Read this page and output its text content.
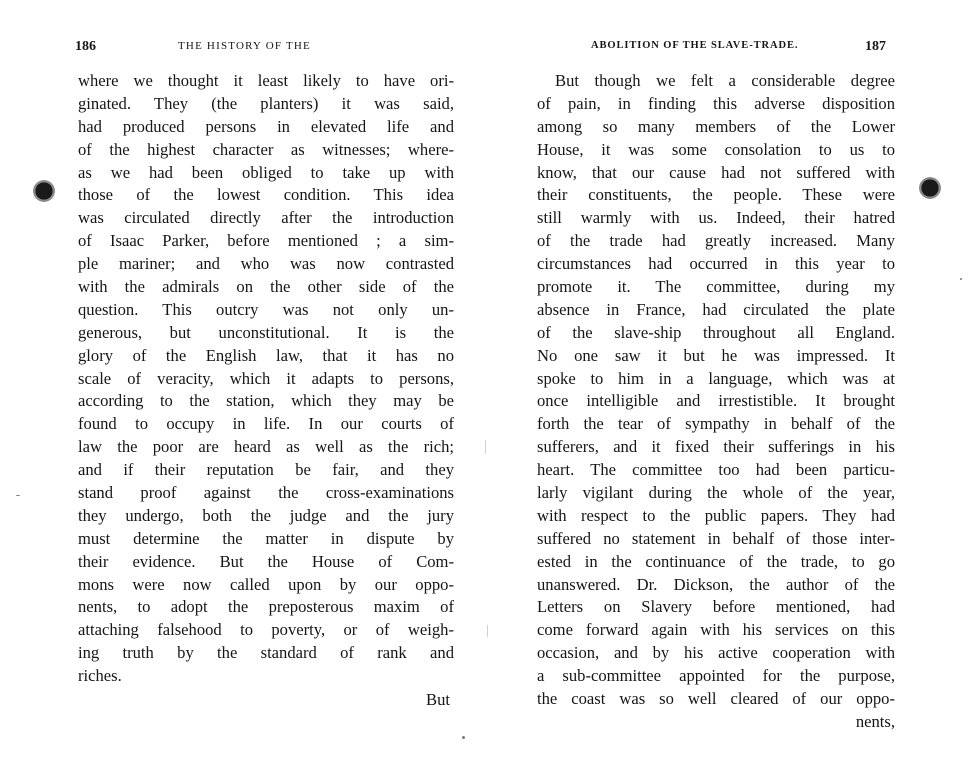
186	THE HISTORY OF THE
where we thought it least likely to have ori-
ginated. They (the planters) it was said,
had produced persons in elevated life and
of the highest character as witnesses; where-
as we had been obliged to take up with
those of the lowest condition. This idea
was circulated directly after the introduction
of Isaac Parker, before mentioned ; a sim-
ple mariner; and who was now contrasted
with the admirals on the other side of the
question. This outcry was not only un-
generous, but unconstitutional. It is the
glory of the English law, that it has no
scale of veracity, which it adapts to persons,
according to the station, which they may be
found to occupy in life. In our courts of
law the poor are heard as well as the rich;
and if their reputation be fair, and they
stand proof against the cross-examinations
they undergo, both the judge and the jury
must determine the matter in dispute by
their evidence. But the House of Com-
mons were now called upon by our oppo-
nents, to adopt the preposterous maxim of
attaching falsehood to poverty, or of weigh-
ing truth by the standard of rank and
riches.
But
ABOLITION OF THE SLAVE-TRADE.	187
But though we felt a considerable degree
of pain, in finding this adverse disposition
among so many members of the Lower
House, it was some consolation to us to
know, that our cause had not suffered with
their constituents, the people. These were
still warmly with us. Indeed, their hatred
of the trade had greatly increased. Many
circumstances had occurred in this year to
promote it. The committee, during my
absence in France, had circulated the plate
of the slave-ship throughout all England.
No one saw it but he was impressed. It
spoke to him in a language, which was at
once intelligible and irrestistible. It brought
forth the tear of sympathy in behalf of the
sufferers, and it fixed their sufferings in his
heart. The committee too had been particu-
larly vigilant during the whole of the year,
with respect to the public papers. They had
suffered no statement in behalf of those inter-
ested in the continuance of the trade, to go
unanswered. Dr. Dickson, the author of the
Letters on Slavery before mentioned, had
come forward again with his services on this
occasion, and by his active cooperation with
a sub-committee appointed for the purpose,
the coast was so well cleared of our oppo-
nents,
